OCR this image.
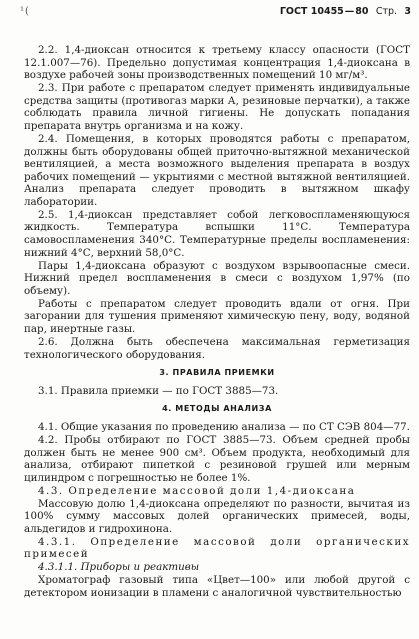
¹(	ГОСТ 10455—80 Стр. 3

2.2. 1,4-диоксан относится к третьему классу опасности (ГОСТ 12.1.007—76). Предельно допустимая концентрация 1,4-диоксана в воздухе рабочей зоны производственных помещений 10 мг/м³.

2.3. При работе с препаратом следует применять индивидуальные средства защиты (противогаз марки А, резиновые перчатки), а также соблюдать правила личной гигиены. Не допускать попадания препарата внутрь организма и на кожу.

2.4. Помещения, в которых проводятся работы с препаратом, должны быть оборудованы общей приточно-вытяжной механической вентиляцией, а места возможного выделения препарата в воздух рабочих помещений — укрытиями с местной вытяжной вентиляцией. Анализ препарата следует проводить в вытяжном шкафу лаборатории.

2.5. 1,4-диоксан представляет собой легковоспламеняющуюся жидкость. Температура вспышки 11°С. Температура самовоспламенения 340°С. Температурные пределы воспламенения: нижний 4°С, верхний 58,0°С.

Пары 1,4-диоксана образуют с воздухом взрывоопасные смеси. Нижний предел воспламенения в смеси с воздухом 1,97% (по объему).

Работы с препаратом следует проводить вдали от огня. При загорании для тушения применяют химическую пену, воду, водяной пар, инертные газы.

2.6. Должна быть обеспечена максимальная герметизация технологического оборудования.

3. ПРАВИЛА ПРИЕМКИ

3.1. Правила приемки — по ГОСТ 3885—73.

4. МЕТОДЫ АНАЛИЗА

4.1. Общие указания по проведению анализа — по СТ СЭВ 804—77.

4.2. Пробы отбирают по ГОСТ 3885—73. Объем средней пробы должен быть не менее 900 см³. Объем продукта, необходимый для анализа, отбирают пипеткой с резиновой грушей или мерным цилиндром с погрешностью не более 1%.

4.3. Определение массовой доли 1,4-диоксана

Массовую долю 1,4-диоксана определяют по разности, вычитая из 100% сумму массовых долей органических примесей, воды, альдегидов и гидрохинона.

4.3.1. Определение массовой доли органических примесей

4.3.1.1. Приборы и реактивы

Хроматограф газовый типа «Цвет—100» или любой другой с детектором ионизации в пламени с аналогичной чувствительностью
